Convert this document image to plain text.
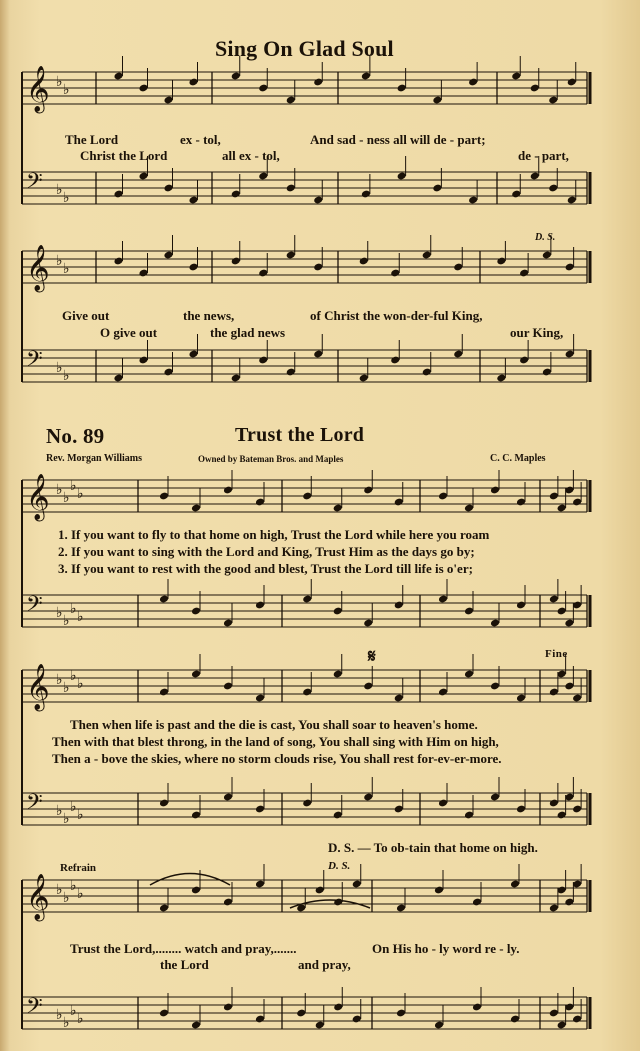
𝄞 ♭ ♭
𝄢 ♭ ♭
𝄞 ♭ ♭
𝄢 ♭ ♭
𝄞 ♭ ♭
♭ ♭
𝄢 ♭ ♭
♭ ♭
𝄞 ♭ ♭
♭ ♭
𝄢 ♭ ♭
♭ ♭
𝄞 ♭ ♭
♭ ♭
𝄢 ♭ ♭
♭ ♭
Sing On Glad Soul
The Lord	ex - tol,	And sad - ness all will de - part;
Christ the Lord	all ex - tol,	de - part,
D. S.
Give out	the news,	of Christ the won-der-ful King,
O give out	the glad news	our King,
No. 89	Trust the Lord
Rev. Morgan Williams	Owned by Bateman Bros. and Maples	C. C. Maples
1. If you want to fly to that home on high, Trust the Lord while here you roam
2. If you want to sing with the Lord and King, Trust Him as the days go by;
3. If you want to rest with the good and blest, Trust the Lord till life is o'er;
𝄋	Fine
Then when life is past and the die is cast, You shall soar to heaven's home.
Then with that blest throng, in the land of song, You shall sing with Him on high,
Then a - bove the skies, where no storm clouds rise, You shall rest for-ev-er-more.
D. S. — To ob-tain that home on high.
Refrain	D. S.
Trust the Lord,........ watch and pray,.......	On His ho - ly word re - ly.
the Lord	and pray,
